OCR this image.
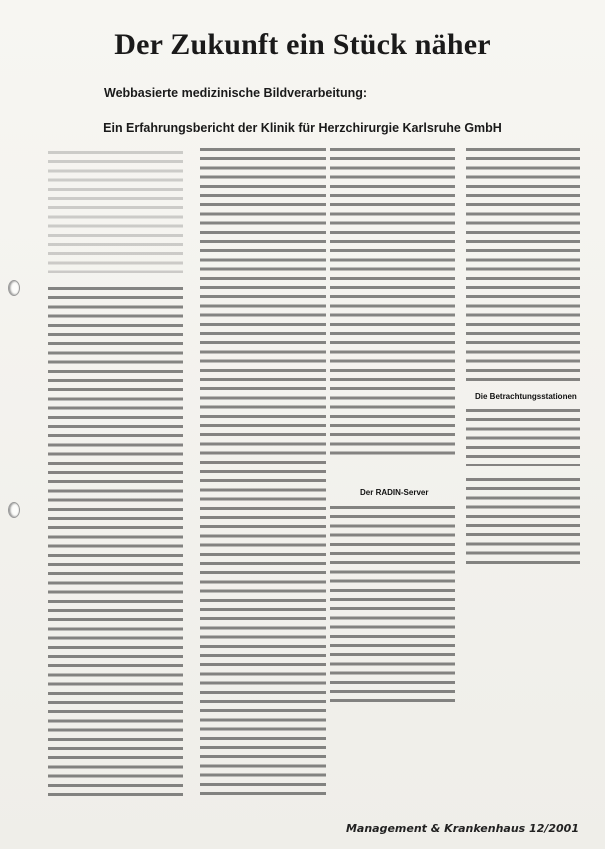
Der Zukunft ein Stück näher
Webbasierte medizinische Bildverarbeitung:
Ein Erfahrungsbericht der Klinik für Herzchirurgie Karlsruhe GmbH
Der RADIN-Server
Die Betrachtungsstationen
Management & Krankenhaus 12/2001
